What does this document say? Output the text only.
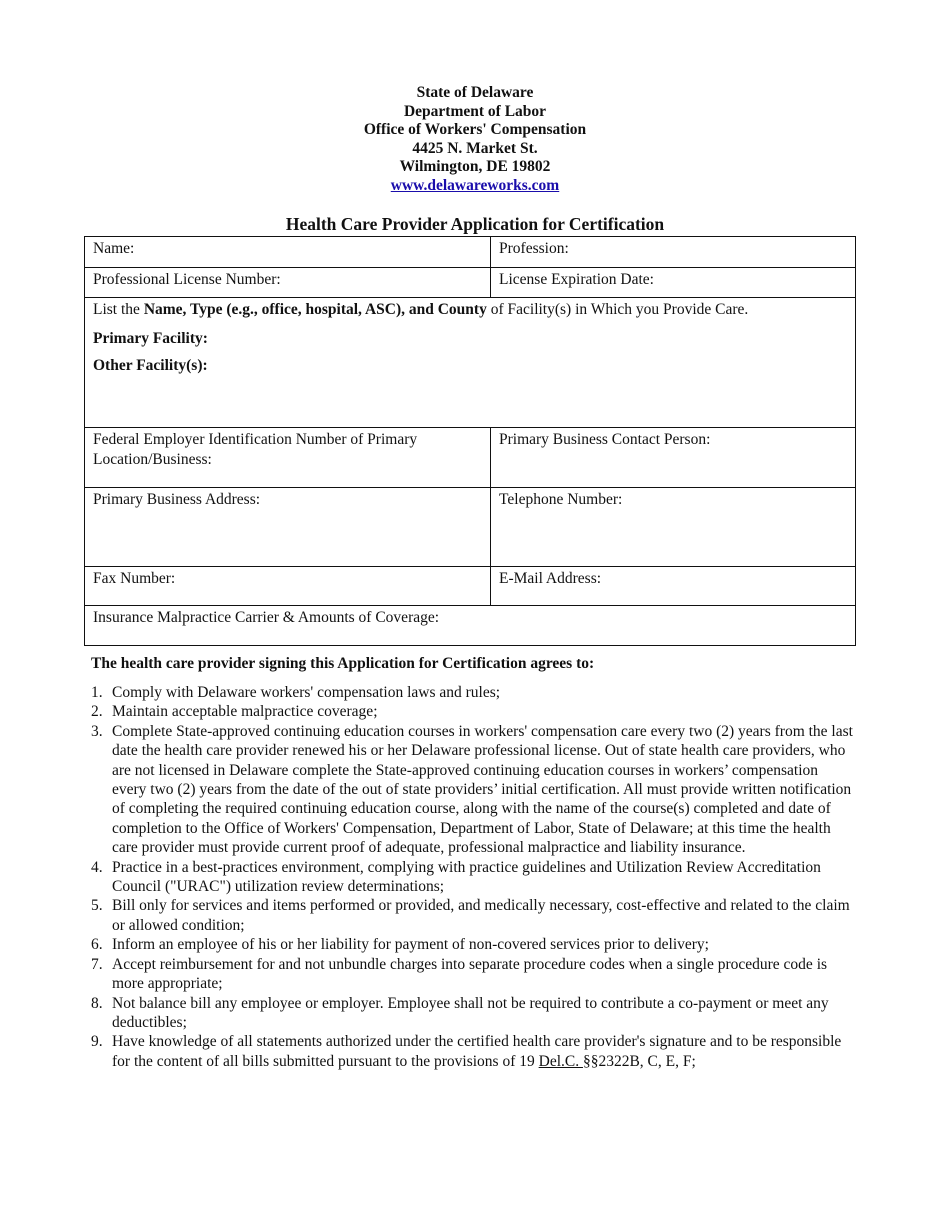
State of Delaware
Department of Labor
Office of Workers' Compensation
4425 N. Market St.
Wilmington, DE 19802
www.delawareworks.com
Health Care Provider Application for Certification
Name:	Profession:
Professional License Number:	License Expiration Date:

List the Name, Type (e.g., office, hospital, ASC), and County of Facility(s) in Which you Provide Care.
Primary Facility:
Other Facility(s):	

Federal Employer Identification Number of Primary Location/Business:	Primary Business Contact Person:
Primary Business Address:	Telephone Number:
Fax Number:	E-Mail Address:
Insurance Malpractice Carrier & Amounts of Coverage:	
The health care provider signing this Application for Certification agrees to:
1. Comply with Delaware workers' compensation laws and rules;
2. Maintain acceptable malpractice coverage;
3. Complete State-approved continuing education courses in workers' compensation care every two (2) years from the last date the health care provider renewed his or her Delaware professional license. Out of state health care providers, who are not licensed in Delaware complete the State-approved continuing education courses in workers’ compensation every two (2) years from the date of the out of state providers’ initial certification. All must provide written notification of completing the required continuing education course, along with the name of the course(s) completed and date of completion to the Office of Workers' Compensation, Department of Labor, State of Delaware; at this time the health care provider must provide current proof of adequate, professional malpractice and liability insurance.
4. Practice in a best-practices environment, complying with practice guidelines and Utilization Review Accreditation Council ("URAC") utilization review determinations;
5. Bill only for services and items performed or provided, and medically necessary, cost-effective and related to the claim or allowed condition;
6. Inform an employee of his or her liability for payment of non-covered services prior to delivery;
7. Accept reimbursement for and not unbundle charges into separate procedure codes when a single procedure code is more appropriate;
8. Not balance bill any employee or employer. Employee shall not be required to contribute a co-payment or meet any deductibles;
9. Have knowledge of all statements authorized under the certified health care provider's signature and to be responsible for the content of all bills submitted pursuant to the provisions of 19 Del.C. §§2322B, C, E, F;
